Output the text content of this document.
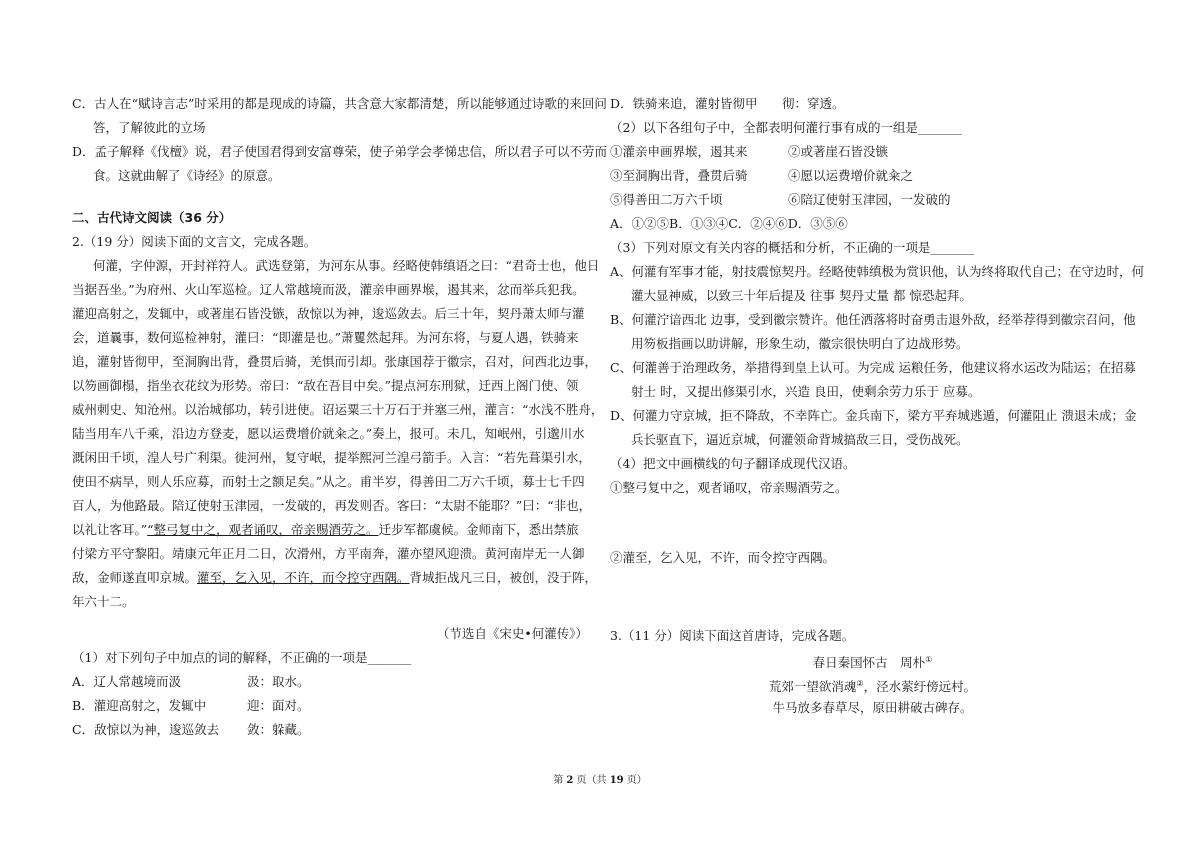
C．古人在“赋诗言志”时采用的都是现成的诗篇，共含意大家都清楚，所以能够通过诗歌的来回问
答，了解彼此的立场
D．孟子解释《伐檀》说，君子使国君得到安富尊荣，使子弟学会孝悌忠信，所以君子可以不劳而
食。这就曲解了《诗经》的原意。
二、古代诗文阅读（36 分）
2.（19 分）阅读下面的文言文，完成各题。
何灌，字仲源，开封祥符人。武选登第，为河东从事。经略使韩缜语之曰：“君奇士也，他日
当据吾坐。”为府州、火山军巡检。辽人常越境而汲，灌亲申画界堠，遏其来，忿而举兵犯我。
灌迎高射之，发辄中，或著崖石皆没镞，敌惊以为神，逡巡敛去。后三十年，契丹萧太师与灌
会，道曩事，数何巡检神射，灌曰：“即灌是也。”萧矍然起拜。为河东将，与夏人遇，铁骑来
追，灌射皆彻甲，至洞胸出背，叠贯后骑，羌惧而引却。张康国荐于徽宗，召对，问西北边事，
以笏画御榻，指坐衣花纹为形势。帝曰：“敌在吾目中矣。”提点河东刑狱，迁西上阁门使、领
威州刺史、知沧州。以治城郁功，转引进使。诏运粟三十万石于并塞三州，灌言：“水浅不胜舟，
陆当用车八千乘，沿边方登麦，愿以运费增价就籴之。”奏上，报可。未几，知岷州，引邈川水
溉闲田千顷，湟人号广利渠。徙河州，复守岷，提举熙河兰湟弓箭手。入言：“若先葺渠引水，
使田不病旱，则人乐应募，而射士之额足矣。”从之。甫半岁，得善田二万六千顷，募士七千四
百人，为他路最。陪辽使射玉津园，一发破的，再发则否。客曰：“太尉不能耶？”曰：“非也，
以礼让客耳。”“整弓复中之，观者诵叹，帝亲赐酒劳之。迁步军都虞候。金师南下，悉出禁旅
付梁方平守黎阳。靖康元年正月二日，次滑州，方平南奔，灌亦望风迎溃。黄河南岸无一人御
敌，金师遂直叩京城。灌至，乞入见，不许，而令控守西隅。背城拒战凡三日，被创，没于阵，
年六十二。
（节选自《宋史•何灌传》）
（1）对下列句子中加点的词的解释，不正确的一项是_______
A．辽人常越境而汲	汲：取水。
B．灌迎高射之，发辄中	迎：面对。
C．敌惊以为神，逡巡敛去 敛：躲藏。
D．铁骑来追，灌射皆彻甲 彻：穿透。
（2）以下各组句子中，全都表明何灌行事有成的一组是_______
①灌亲申画界堠，遏其来	②或著崖石皆没镞
③至洞胸出背，叠贯后骑	④愿以运费增价就籴之
⑤得善田二万六千顷	⑥陪辽使射玉津园，一发破的
A．①②⑤B．①③④C．②④⑥D．③⑤⑥
（3）下列对原文有关内容的概括和分析，不正确的一项是_______
A、何灌有军事才能，射技震惊契丹。经略使韩缜极为赏识他，认为终将取代自己；在守边时，何
灌大显神威，以致三十年后提及 往事 契丹丈量 都 惊恐起拜。
B、何灌泞谙西北 边事，受到徽宗赞许。他任洒落将时奋勇击退外敌，经举荐得到徽宗召问，他
用笏板指画以助讲解，形象生动，徽宗很快明白了边战形势。
C、何灌善于治理政务，举措得到皇上认可。为完成 运粮任务，他建议将水运改为陆运；在招募
射士 时，又提出修渠引水，兴造 良田，使剩余劳力乐于 应募。
D、何灌力守京城，拒不降敌，不幸阵亡。金兵南下，梁方平弃城逃遁，何灌阻止 溃退未成；金
兵长驱直下，逼近京城，何灌领命背城搞敌三日，受伤战死。
（4）把文中画横线的句子翻译成现代汉语。
①整弓复中之，观者诵叹，帝亲赐酒劳之。
②灌至，乞入见，不许，而令控守西隅。
3.（11 分）阅读下面这首唐诗，完成各题。
春日秦国怀古　周朴①
荒郊一望欲消魂②，泾水萦纡傍远村。
牛马放多春草尽，原田耕破古碑存。
第 2 页（共 19 页）
